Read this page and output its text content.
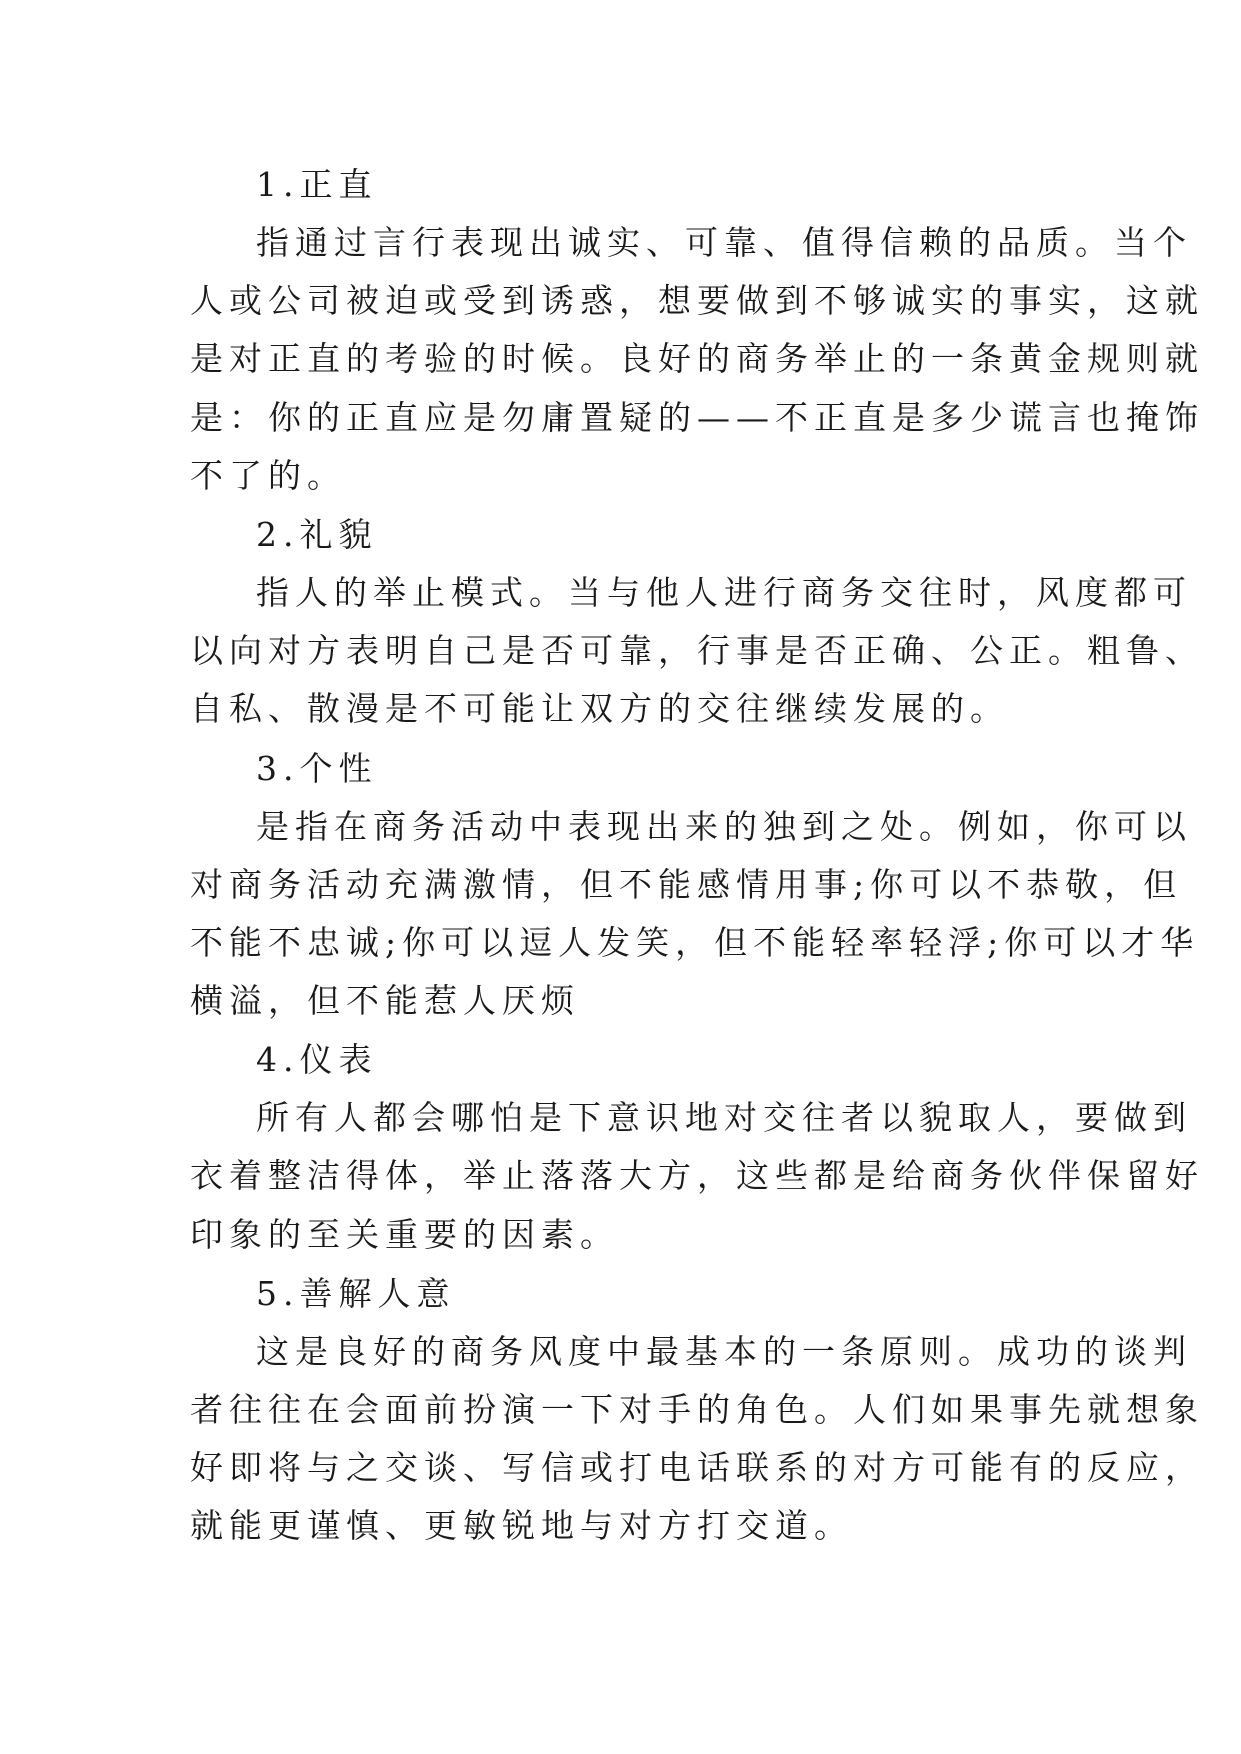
1.正直

指通过言行表现出诚实、可靠、值得信赖的品质。当个
人或公司被迫或受到诱惑，想要做到不够诚实的事实，这就
是对正直的考验的时候。良好的商务举止的一条黄金规则就
是：你的正直应是勿庸置疑的——不正直是多少谎言也掩饰
不了的。

2.礼貌

指人的举止模式。当与他人进行商务交往时，风度都可
以向对方表明自己是否可靠，行事是否正确、公正。粗鲁、
自私、散漫是不可能让双方的交往继续发展的。

3.个性

是指在商务活动中表现出来的独到之处。例如，你可以
对商务活动充满激情，但不能感情用事;你可以不恭敬，但
不能不忠诚;你可以逗人发笑，但不能轻率轻浮;你可以才华
横溢，但不能惹人厌烦

4.仪表

所有人都会哪怕是下意识地对交往者以貌取人，要做到
衣着整洁得体，举止落落大方，这些都是给商务伙伴保留好
印象的至关重要的因素。

5.善解人意

这是良好的商务风度中最基本的一条原则。成功的谈判
者往往在会面前扮演一下对手的角色。人们如果事先就想象
好即将与之交谈、写信或打电话联系的对方可能有的反应，
就能更谨慎、更敏锐地与对方打交道。
